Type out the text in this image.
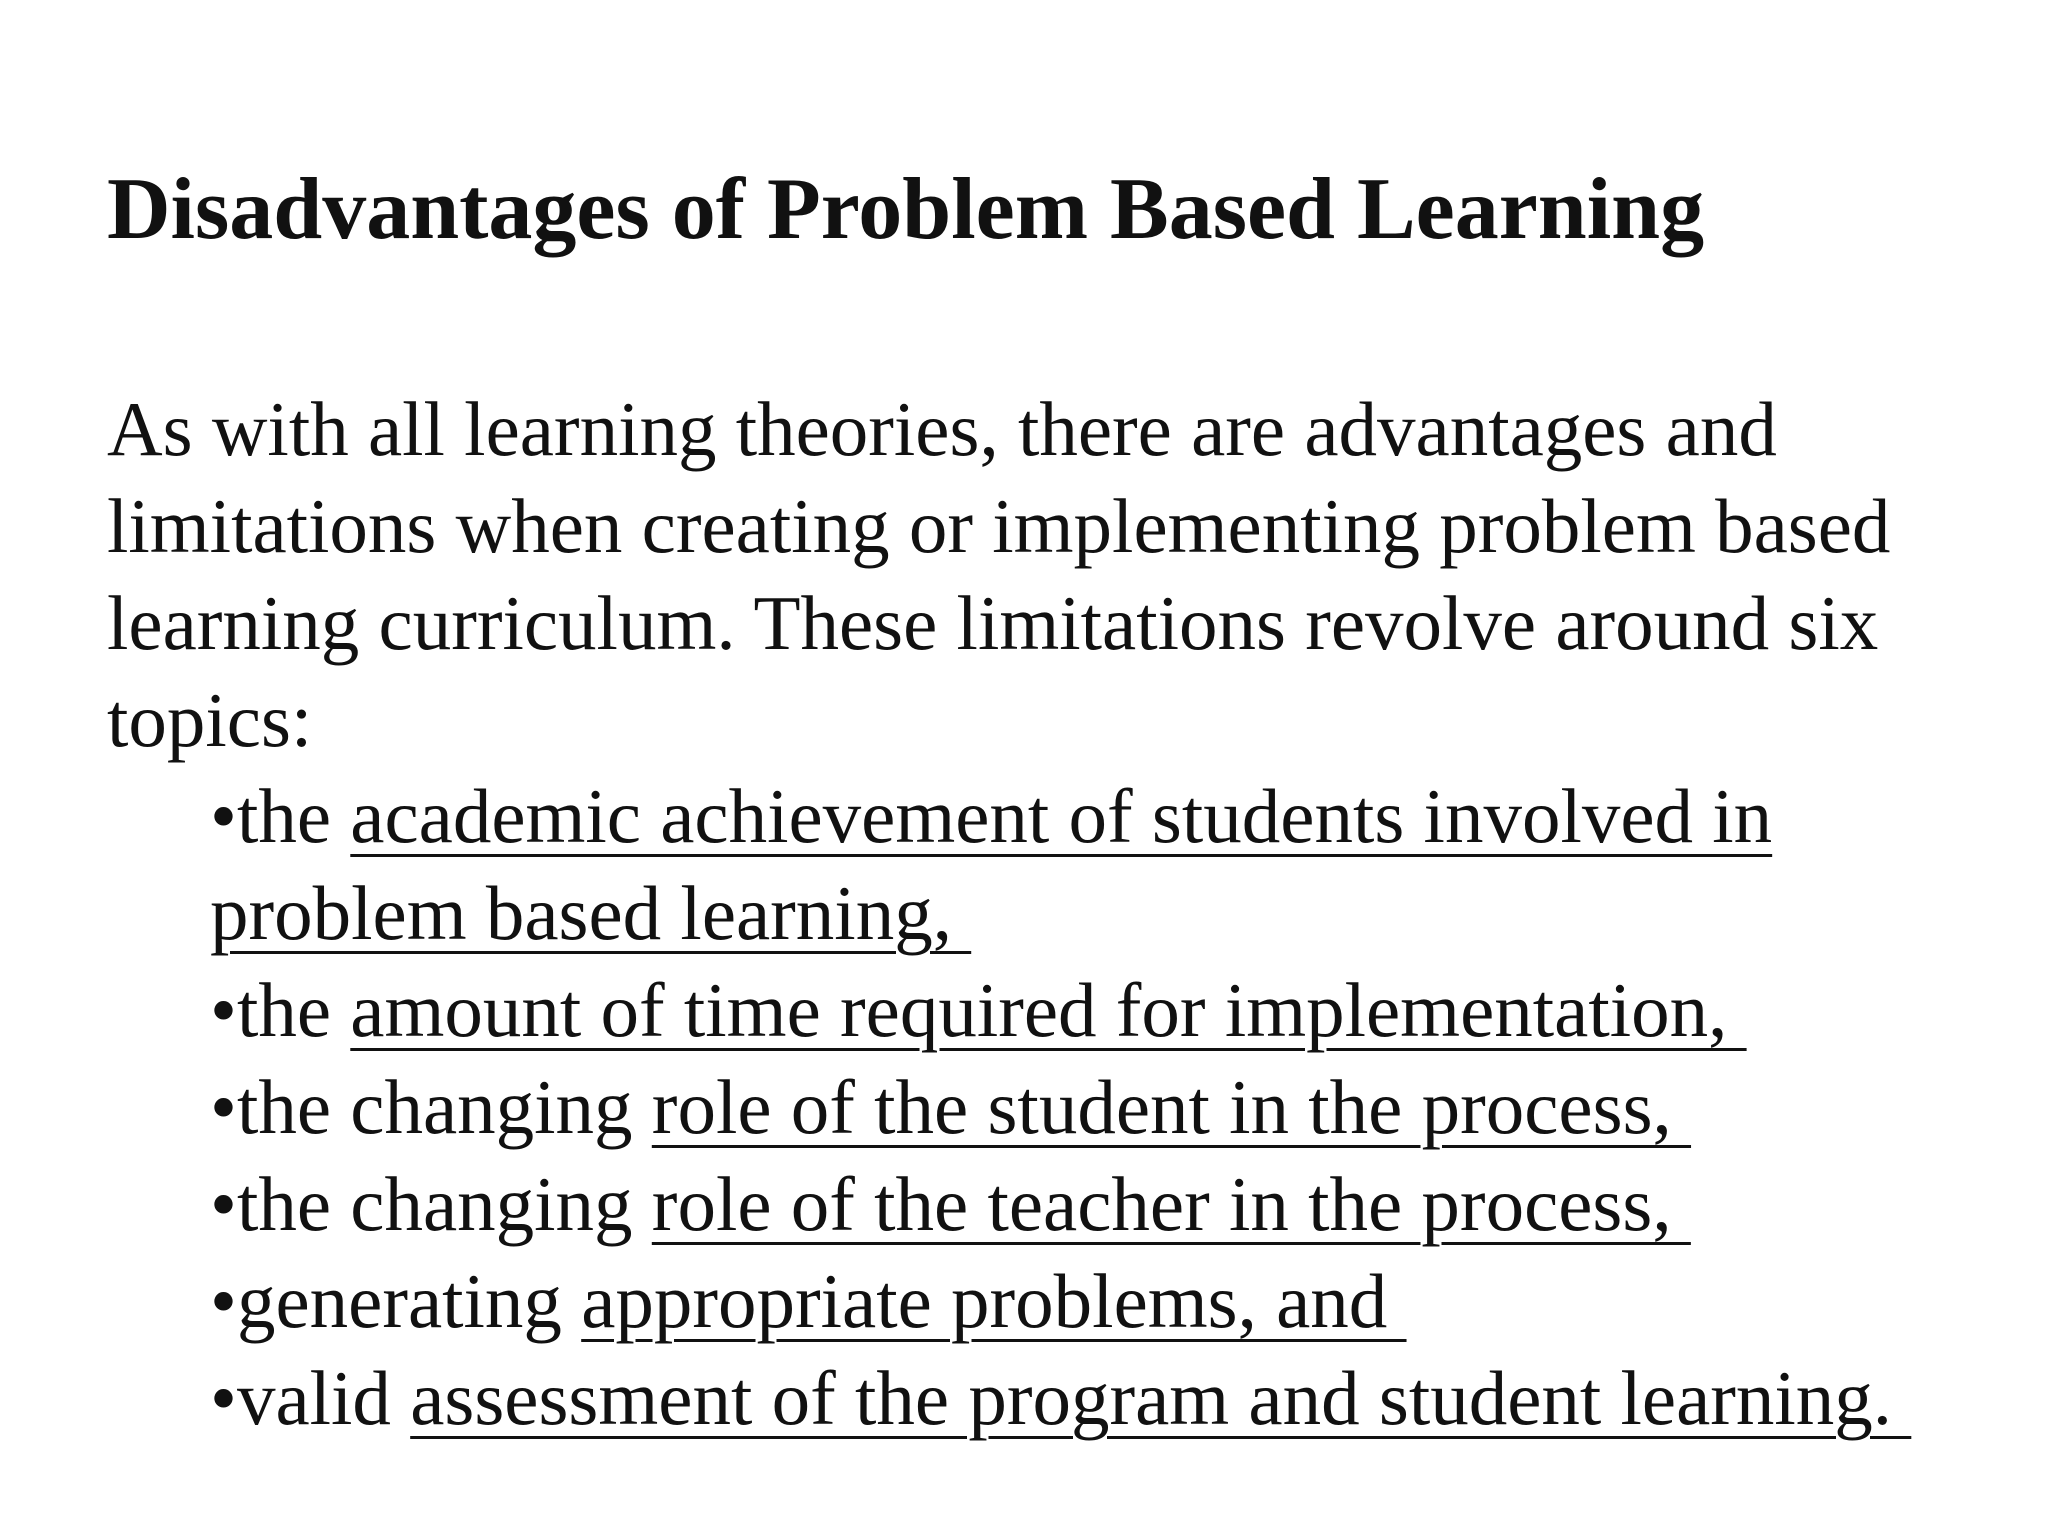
Disadvantages of Problem Based Learning

As with all learning theories, there are advantages and
limitations when creating or implementing problem based
learning curriculum. These limitations revolve around six
topics:

•the academic achievement of students involved in
problem based learning,
•the amount of time required for implementation,
•the changing role of the student in the process,
•the changing role of the teacher in the process,
•generating appropriate problems, and
•valid assessment of the program and student learning.
